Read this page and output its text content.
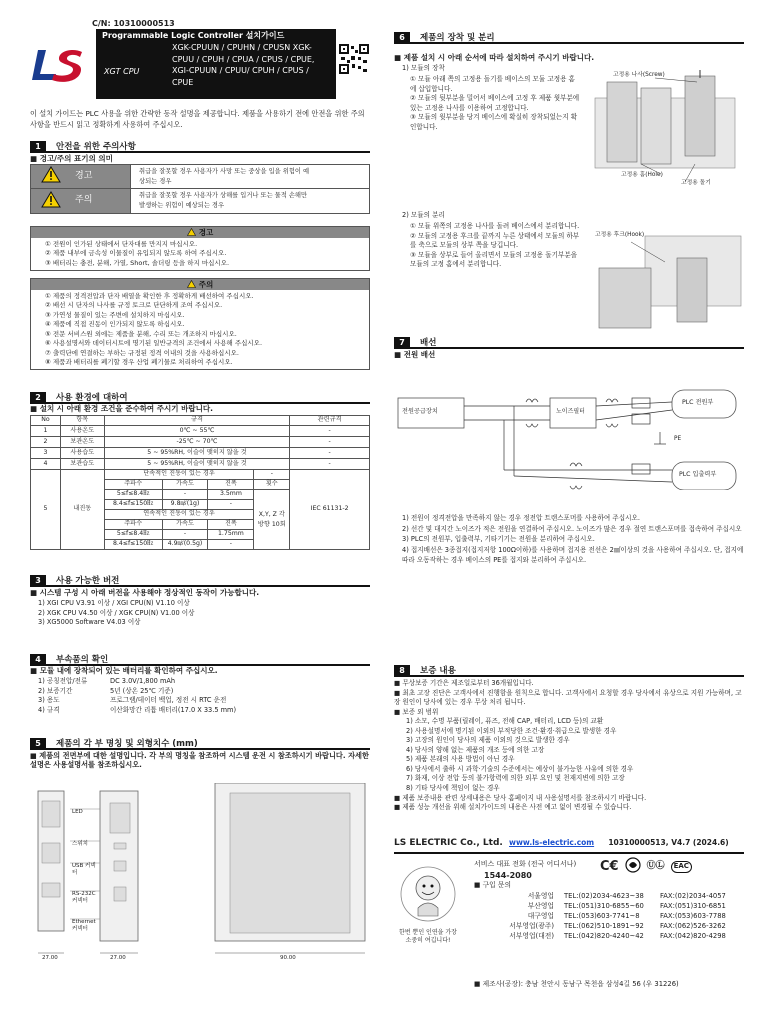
C/N: 10310000513
Programmable Logic Controller 설치가이드
XGT CPU
XGK-CPUUN / CPUHN / CPUSN XGK-CPUU / CPUH / CPUA / CPUS / CPUE, XGI-CPUUN / CPUU/ CPUH / CPUS / CPUE
이 설치 가이드는 PLC 사용을 위한 간략한 동작 설명을 제공합니다. 제품을 사용하기 전에 안전을 위한 주의 사항을 반드시 읽고 정확하게 사용하여 주십시오.
1 안전을 위한 주의사항
■ 경고/주의 표기의 의미
경고	취급을 잘못할 경우 사용자가 사망 또는 중상을 입을 위험이 예상되는 경우
주의	취급을 잘못할 경우 사용자가 상해를 입거나 또는 물적 손해만 발생하는 위험이 예상되는 경우
경고
① 전원이 인가된 상태에서 단자대를 만지지 마십시오.
② 제품 내부에 금속성 이물질이 유입되지 않도록 하여 주십시오.
③ 배터리는 충전, 분해, 가열, Short, 솔더링 등을 하지 마십시오.
주의
① 제품의 정격전압과 단자 배열을 확인한 후 정확하게 배선하여 주십시오.
② 배선 시 단자의 나사를 규정 토크로 단단하게 조여 주십시오.
③ 가연성 물질이 있는 주변에 설치하지 마십시오.
④ 제품에 직접 진동이 인가되지 않도록 하십시오.
⑤ 전문 서비스원 외에는 제품을 분해, 수리 또는 개조하지 마십시오.
⑥ 사용설명서와 데이터시트에 명기된 일반규격의 조건에서 사용해 주십시오.
⑦ 출력단에 연결하는 부하는 규정된 정격 이내의 것을 사용하십시오.
⑧ 제품과 배터리를 폐기할 경우 산업 폐기물로 처리하여 주십시오.
2 사용 환경에 대하여
■ 설치 시 아래 환경 조건을 준수하여 주시기 바랍니다.
No	항목	규격				관련규격
1	사용온도	0℃ ~ 55℃				-
2	보관온도	-25℃ ~ 70℃				-
3	사용습도	5 ~ 95%RH, 이슬이 맺히지 않을 것				-
4	보관습도	5 ~ 95%RH, 이슬이 맺히지 않을 것				-
5	내진동	단속적인 진동이 있는 경우			-	IEC 61131-2
		주파수	가속도	진폭	횟수	
		5≤f≤8.4㎐	-	3.5mm	X,Y, Z 각 방향 10회	
		8.4≤f≤150㎐	9.8㎨(1g)	-		
		연속적인 진동이 있는 경우				
		주파수	가속도	진폭		
		5≤f≤8.4㎐	-	1.75mm		
		8.4≤f≤150㎐	4.9㎨(0.5g)	-		
3 사용 가능한 버전
■ 시스템 구성 시 아래 버전을 사용해야 정상적인 동작이 가능합니다.
1) XGI CPU V3.91 이상 / XGI CPU(N) V1.10 이상
2) XGK CPU V4.50 이상 / XGK CPU(N) V1.00 이상
3) XG5000 Software V4.03 이상
4 부속품의 확인
■ 모듈 내에 장착되어 있는 배터리를 확인하여 주십시오.
1) 공칭전압/전류	DC 3.0V/1,800 mAh
2) 보증기간	5년 (상온 25℃ 기준)
3) 용도	프로그램/데이터 백업, 정전 시 RTC 운전
4) 규격	이산화망간 리튬 배터리(17.0 X 33.5 mm)
5 제품의 각 부 명칭 및 외형치수 (mm)
■ 제품의 전면부에 대한 설명입니다. 각 부의 명칭을 참조하여 시스템 운전 시 참조하시기 바랍니다. 자세한 설명은 사용설명서를 참조하십시오.
LED
스위치
USB 커넥터
RS-232C 커넥터
Ethernet 커넥터
27.00	27.00	90.00
6 제품의 장착 및 분리
■ 제품 설치 시 아래 순서에 따라 설치하여 주시기 바랍니다.
1) 모듈의 장착
① 모듈 아래 쪽의 고정용 돌기를 베이스의 모듈 고정용 홈에 삽입합니다.
② 모듈의 뒷부분을 밀어서 베이스에 고정 후 제품 윗부분에 있는 고정용 나사를 이용하여 고정합니다.
③ 모듈의 윗부분을 당겨 베이스에 확실히 장착되었는지 확인합니다.
고정용 나사(Screw)
고정용 홈(Hole)
고정용 돌기
2) 모듈의 분리
① 모듈 위쪽의 고정용 나사를 돌려 베이스에서 분리합니다.
② 모듈의 고정용 후크를 끝까지 누른 상태에서 모듈의 하부를 축으로 모듈의 상부 쪽을 당깁니다.
③ 모듈을 상부로 들어 올리면서 모듈의 고정용 돌기부분을 모듈의 고정 홈에서 분리합니다.
고정용 후크(Hook)
7 배선
■ 전원 배선
전원공급장치	노이즈필터
PLC 전원부
PE
PLC 입출력부
1) 전원이 정격전압을 만족하지 않는 경우 정전압 트랜스포머를 사용하여 주십시오.
2) 선간 및 대지간 노이즈가 적은 전원을 연결하여 주십시오. 노이즈가 많은 경우 절연 트랜스포머를 접속하여 주십시오
3) PLC의 전원부, 입출력부, 기타기기는 전원을 분리하여 주십시오.
4) 접지배선은 3종접지(접지저항 100Ω이하)를 사용하며 접지용 전선은 2㎟이상의 것을 사용하여 주십시오. 단, 접지에 따라 오동작하는 경우 베이스의 PE를 접지와 분리하여 주십시오.
8 보증 내용
■ 무상보증 기간은 제조일로부터 36개월입니다.
■ 최초 고장 진단은 고객사에서 진행함을 원칙으로 합니다. 고객사에서 요청할 경우 당사에서 유상으로 지원 가능하며, 고장 원인이 당사에 있는 경우 무상 처리 됩니다.
■ 보증 외 범위
1) 소모, 수명 부품(릴레이, 퓨즈, 전해 CAP, 배터리, LCD 등)의 교환
2) 사용설명서에 명기된 이외의 부적당한 조건·환경·취급으로 발생한 경우
3) 고장의 원인이 당사의 제품 이외의 것으로 발생한 경우
4) 당사의 양해 없는 제품의 개조 등에 의한 고장
5) 제품 본래의 사용 방법이 아닌 경우
6) 당사에서 출하 시 과학·기술의 수준에서는 예상이 불가능한 사유에 의한 경우
7) 화재, 이상 전압 등의 불가항력에 의한 외부 요인 및 천재지변에 의한 고장
8) 기타 당사에 책임이 없는 경우
■ 제품 보증내용 관련 상세내용은 당사 홈페이지 내 사용설명서를 참조하시기 바랍니다.
■ 제품 성능 개선을 위해 설치가이드의 내용은 사전 예고 없이 변경될 수 있습니다.
LS ELECTRIC Co., Ltd. www.ls-electric.com 10310000513, V4.7 (2024.6)
한번 뿐인 인연을 가장 소중히 여깁니다!
서비스 대표 전화 (전국 어디서나)
1544-2080
C€	ⓊⓁ	EAC
■ 구입 문의
서울영업	TEL:(02)2034-4623~38	FAX:(02)2034-4057
부산영업	TEL:(051)310-6855~60	FAX:(051)310-6851
대구영업	TEL:(053)603-7741~8	FAX:(053)603-7788
서부영업(광주)	TEL:(062)510-1891~92	FAX:(062)526-3262
서부영업(대전)	TEL:(042)820-4240~42	FAX:(042)820-4298
■ 제조사(공장): 충남 천안시 동남구 목천읍 삼성4길 56 (우 31226)
